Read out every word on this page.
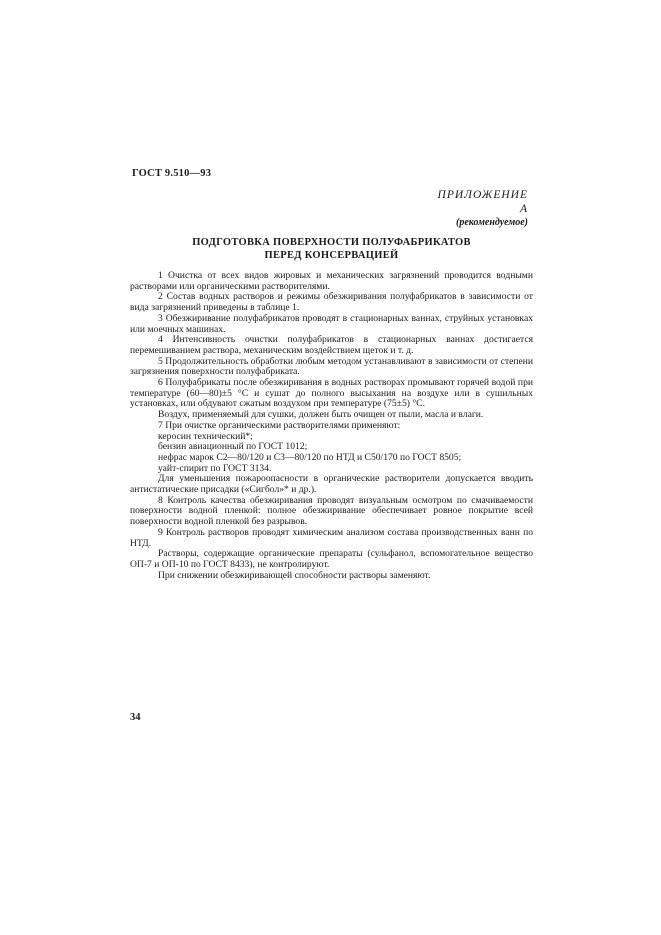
ГОСТ 9.510—93
ПРИЛОЖЕНИЕ А
(рекомендуемое)
ПОДГОТОВКА ПОВЕРХНОСТИ ПОЛУФАБРИКАТОВ
ПЕРЕД КОНСЕРВАЦИЕЙ

1 Очистка от всех видов жировых и механических загрязнений проводится водными растворами или органическими растворителями.

2 Состав водных растворов и режимы обезжиривания полуфабрикатов в зависимости от вида загрязнений приведены в таблице 1.

3 Обезжиривание полуфабрикатов проводят в стационарных ваннах, струйных установках или моечных машинах.

4 Интенсивность очистки полуфабрикатов в стационарных ваннах достигается перемешиванием раствора, механическим воздействием щеток и т. д.

5 Продолжительность обработки любым методом устанавливают в зависимости от степени загрязнения поверхности полуфабриката.

6 Полуфабрикаты после обезжиривания в водных растворах промывают горячей водой при температуре (60—80)±5 °С и сушат до полного высыхания на воздухе или в сушильных установках, или обдувают сжатым воздухом при температуре (75±5) °С.

Воздух, применяемый для сушки, должен быть очищен от пыли, масла и влаги.

7 При очистке органическими растворителями применяют:

керосин технический*;

бензин авиационный по ГОСТ 1012;

нефрас марок С2—80/120 и С3—80/120 по НТД и С50/170 по ГОСТ 8505;

уайт-спирит по ГОСТ 3134.

Для уменьшения пожароопасности в органические растворители допускается вводить антистатические присадки («Сигбол»* и др.).

8 Контроль качества обезжиривания проводят визуальным осмотром по смачиваемости поверхности водной пленкой: полное обезжиривание обеспечивает ровное покрытие всей поверхности водной пленкой без разрывов.

9 Контроль растворов проводят химическим анализом состава производственных ванн по НТД.

Растворы, содержащие органические препараты (сульфанол, вспомогательное вещество ОП-7 и ОП-10 по ГОСТ 8433), не контролируют.

При снижении обезжиривающей способности растворы заменяют.

34
